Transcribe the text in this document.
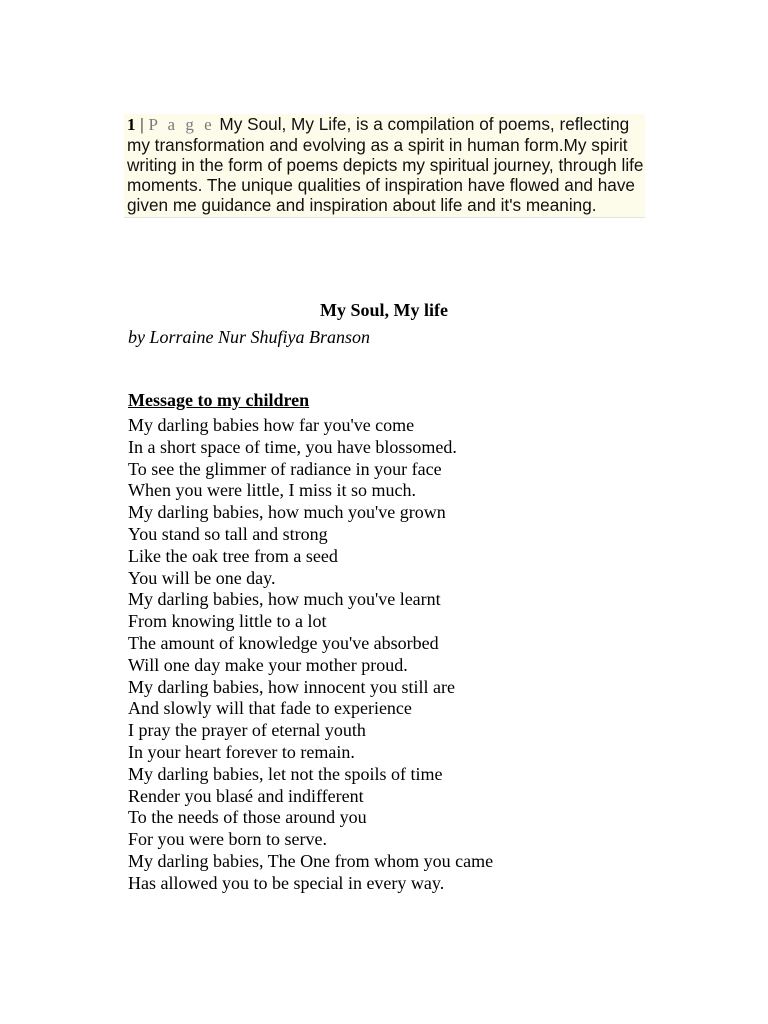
1 | P a g e My Soul, My Life, is a compilation of poems, reflecting my transformation and evolving as a spirit in human form.My spirit writing in the form of poems depicts my spiritual journey, through life moments. The unique qualities of inspiration have flowed and have given me guidance and inspiration about life and it's meaning.
My Soul, My life
by Lorraine Nur Shufiya Branson
Message to my children
My darling babies how far you've come
In a short space of time, you have blossomed.
To see the glimmer of radiance in your face
When you were little, I miss it so much.
My darling babies, how much you've grown
You stand so tall and strong
Like the oak tree from a seed
You will be one day.
My darling babies, how much you've learnt
From knowing little to a lot
The amount of knowledge you've absorbed
Will one day make your mother proud.
My darling babies, how innocent you still are
And slowly will that fade to experience
I pray the prayer of eternal youth
In your heart forever to remain.
My darling babies, let not the spoils of time
Render you blasé and indifferent
To the needs of those around you
For you were born to serve.
My darling babies, The One from whom you came
Has allowed you to be special in every way.
